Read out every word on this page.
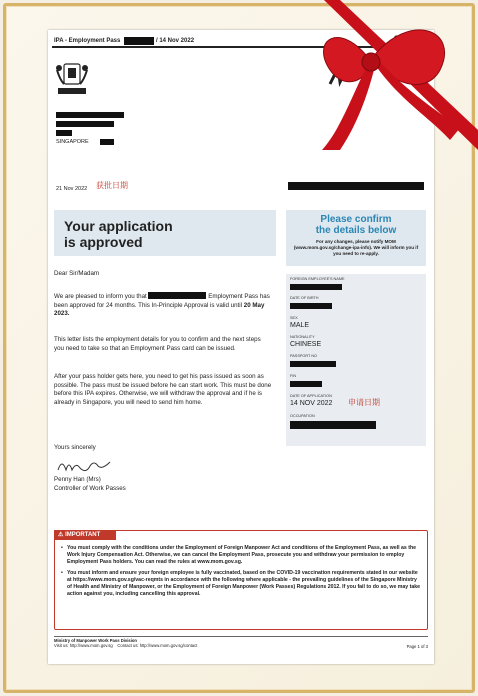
IPA - Employment Pass	/ 14 Nov 2022
SINGAPORE
21 Nov 2022 获批日期
Your application
is approved
Please confirm
the details below
For any changes, please notify MOM (www.mom.gov.sg/change-ipa-info). We will inform you if you need to re-apply.
FOREIGN EMPLOYEE'S NAME
DATE OF BIRTH
SEX
MALE
NATIONALITY
CHINESE
PASSPORT NO
FIN
DATE OF APPLICATION
14 NOV 2022 申请日期
OCCUPATION
Dear Sir/Madam
We are pleased to inform you that	Employment Pass has been approved for 24 months. This In-Principle Approval is valid until 20 May 2023.
This letter lists the employment details for you to confirm and the next steps you need to take so that an Employment Pass card can be issued.
After your pass holder gets here, you need to get his pass issued as soon as possible. The pass must be issued before he can start work. This must be done before this IPA expires. Otherwise, we will withdraw the approval and if he is already in Singapore, you will need to send him home.
Yours sincerely
Penny Han (Mrs)
Controller of Work Passes
⚠ IMPORTANT
• You must comply with the conditions under the Employment of Foreign Manpower Act and conditions of the Employment Pass, as well as the Work Injury Compensation Act. Otherwise, we can cancel the Employment Pass, prosecute you and withdraw your permission to employ Employment Pass holders. You can read the rules at www.mom.gov.sg.
• You must inform and ensure your foreign employee is fully vaccinated, based on the COVID-19 vaccination requirements stated in our website at https://www.mom.gov.sg/vac-reqmts in accordance with the following where applicable - the prevailing guidelines of the Singapore Ministry of Health and Ministry of Manpower, or the Employment of Foreign Manpower (Work Passes) Regulations 2012. If you fail to do so, we may take action against you, including cancelling this approval.
Ministry of Manpower Work Pass Division
Visit us: http://www.mom.gov.sg Contact us: http://www.mom.gov.sg/contact	Page 1 of 3
